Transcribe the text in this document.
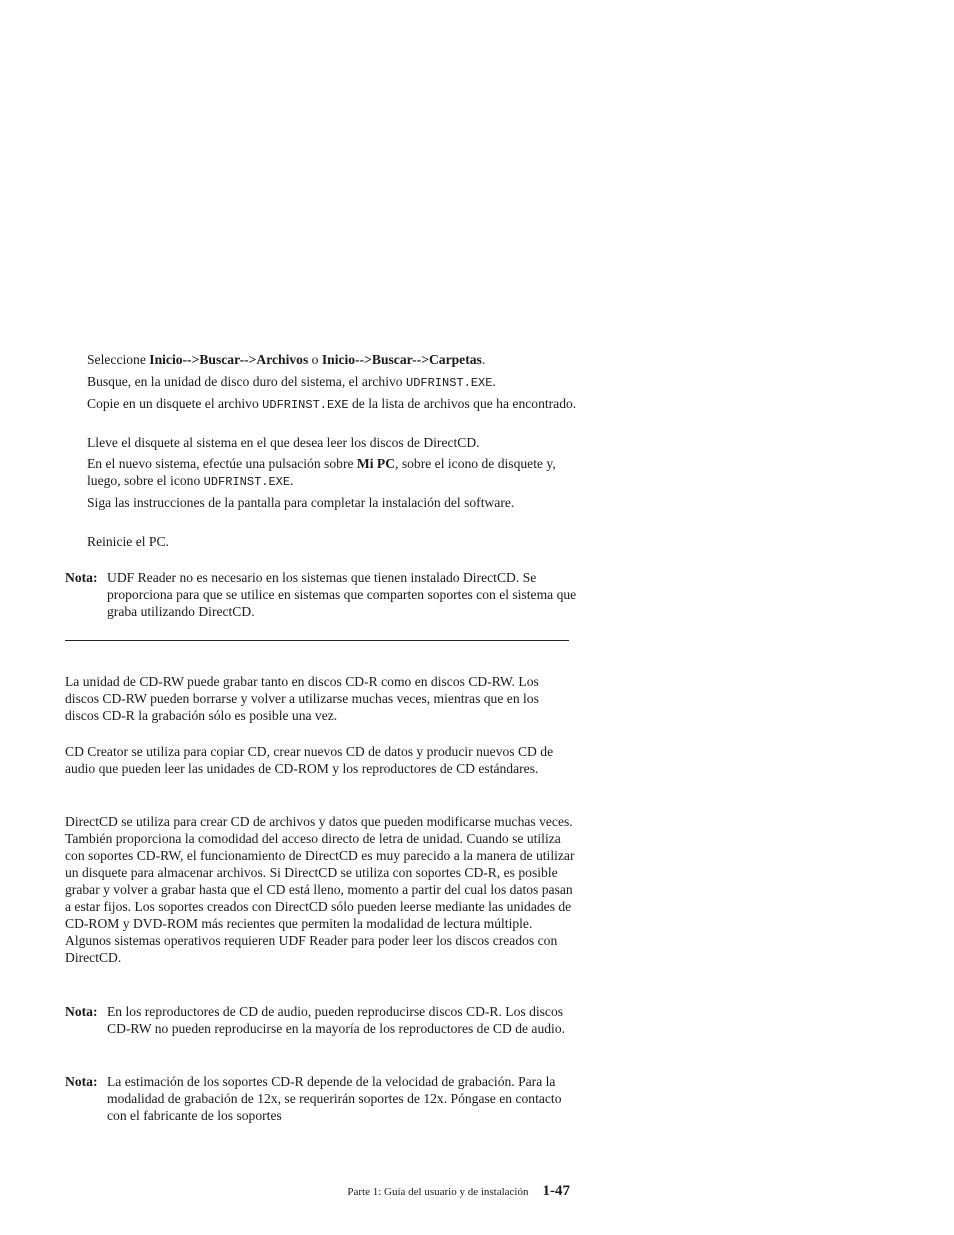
Seleccione Inicio-->Buscar-->Archivos o Inicio-->Buscar-->Carpetas.

Busque, en la unidad de disco duro del sistema, el archivo UDFRINST.EXE.

Copie en un disquete el archivo UDFRINST.EXE de la lista de archivos que ha encontrado.

Lleve el disquete al sistema en el que desea leer los discos de DirectCD.

En el nuevo sistema, efectúe una pulsación sobre Mi PC, sobre el icono de disquete y, luego, sobre el icono UDFRINST.EXE.

Siga las instrucciones de la pantalla para completar la instalación del software.

Reinicie el PC.

Nota: UDF Reader no es necesario en los sistemas que tienen instalado DirectCD. Se proporciona para que se utilice en sistemas que comparten soportes con el sistema que graba utilizando DirectCD.

La unidad de CD-RW puede grabar tanto en discos CD-R como en discos CD-RW. Los discos CD-RW pueden borrarse y volver a utilizarse muchas veces, mientras que en los discos CD-R la grabación sólo es posible una vez.

CD Creator se utiliza para copiar CD, crear nuevos CD de datos y producir nuevos CD de audio que pueden leer las unidades de CD-ROM y los reproductores de CD estándares.

DirectCD se utiliza para crear CD de archivos y datos que pueden modificarse muchas veces. También proporciona la comodidad del acceso directo de letra de unidad. Cuando se utiliza con soportes CD-RW, el funcionamiento de DirectCD es muy parecido a la manera de utilizar un disquete para almacenar archivos. Si DirectCD se utiliza con soportes CD-R, es posible grabar y volver a grabar hasta que el CD está lleno, momento a partir del cual los datos pasan a estar fijos. Los soportes creados con DirectCD sólo pueden leerse mediante las unidades de CD-ROM y DVD-ROM más recientes que permiten la modalidad de lectura múltiple. Algunos sistemas operativos requieren UDF Reader para poder leer los discos creados con DirectCD.

Nota: En los reproductores de CD de audio, pueden reproducirse discos CD-R. Los discos CD-RW no pueden reproducirse en la mayoría de los reproductores de CD de audio.
Nota: La estimación de los soportes CD-R depende de la velocidad de grabación. Para la modalidad de grabación de 12x, se requerirán soportes de 12x. Póngase en contacto con el fabricante de los soportes
Parte 1: Guía del usuario y de instalación 1-47
